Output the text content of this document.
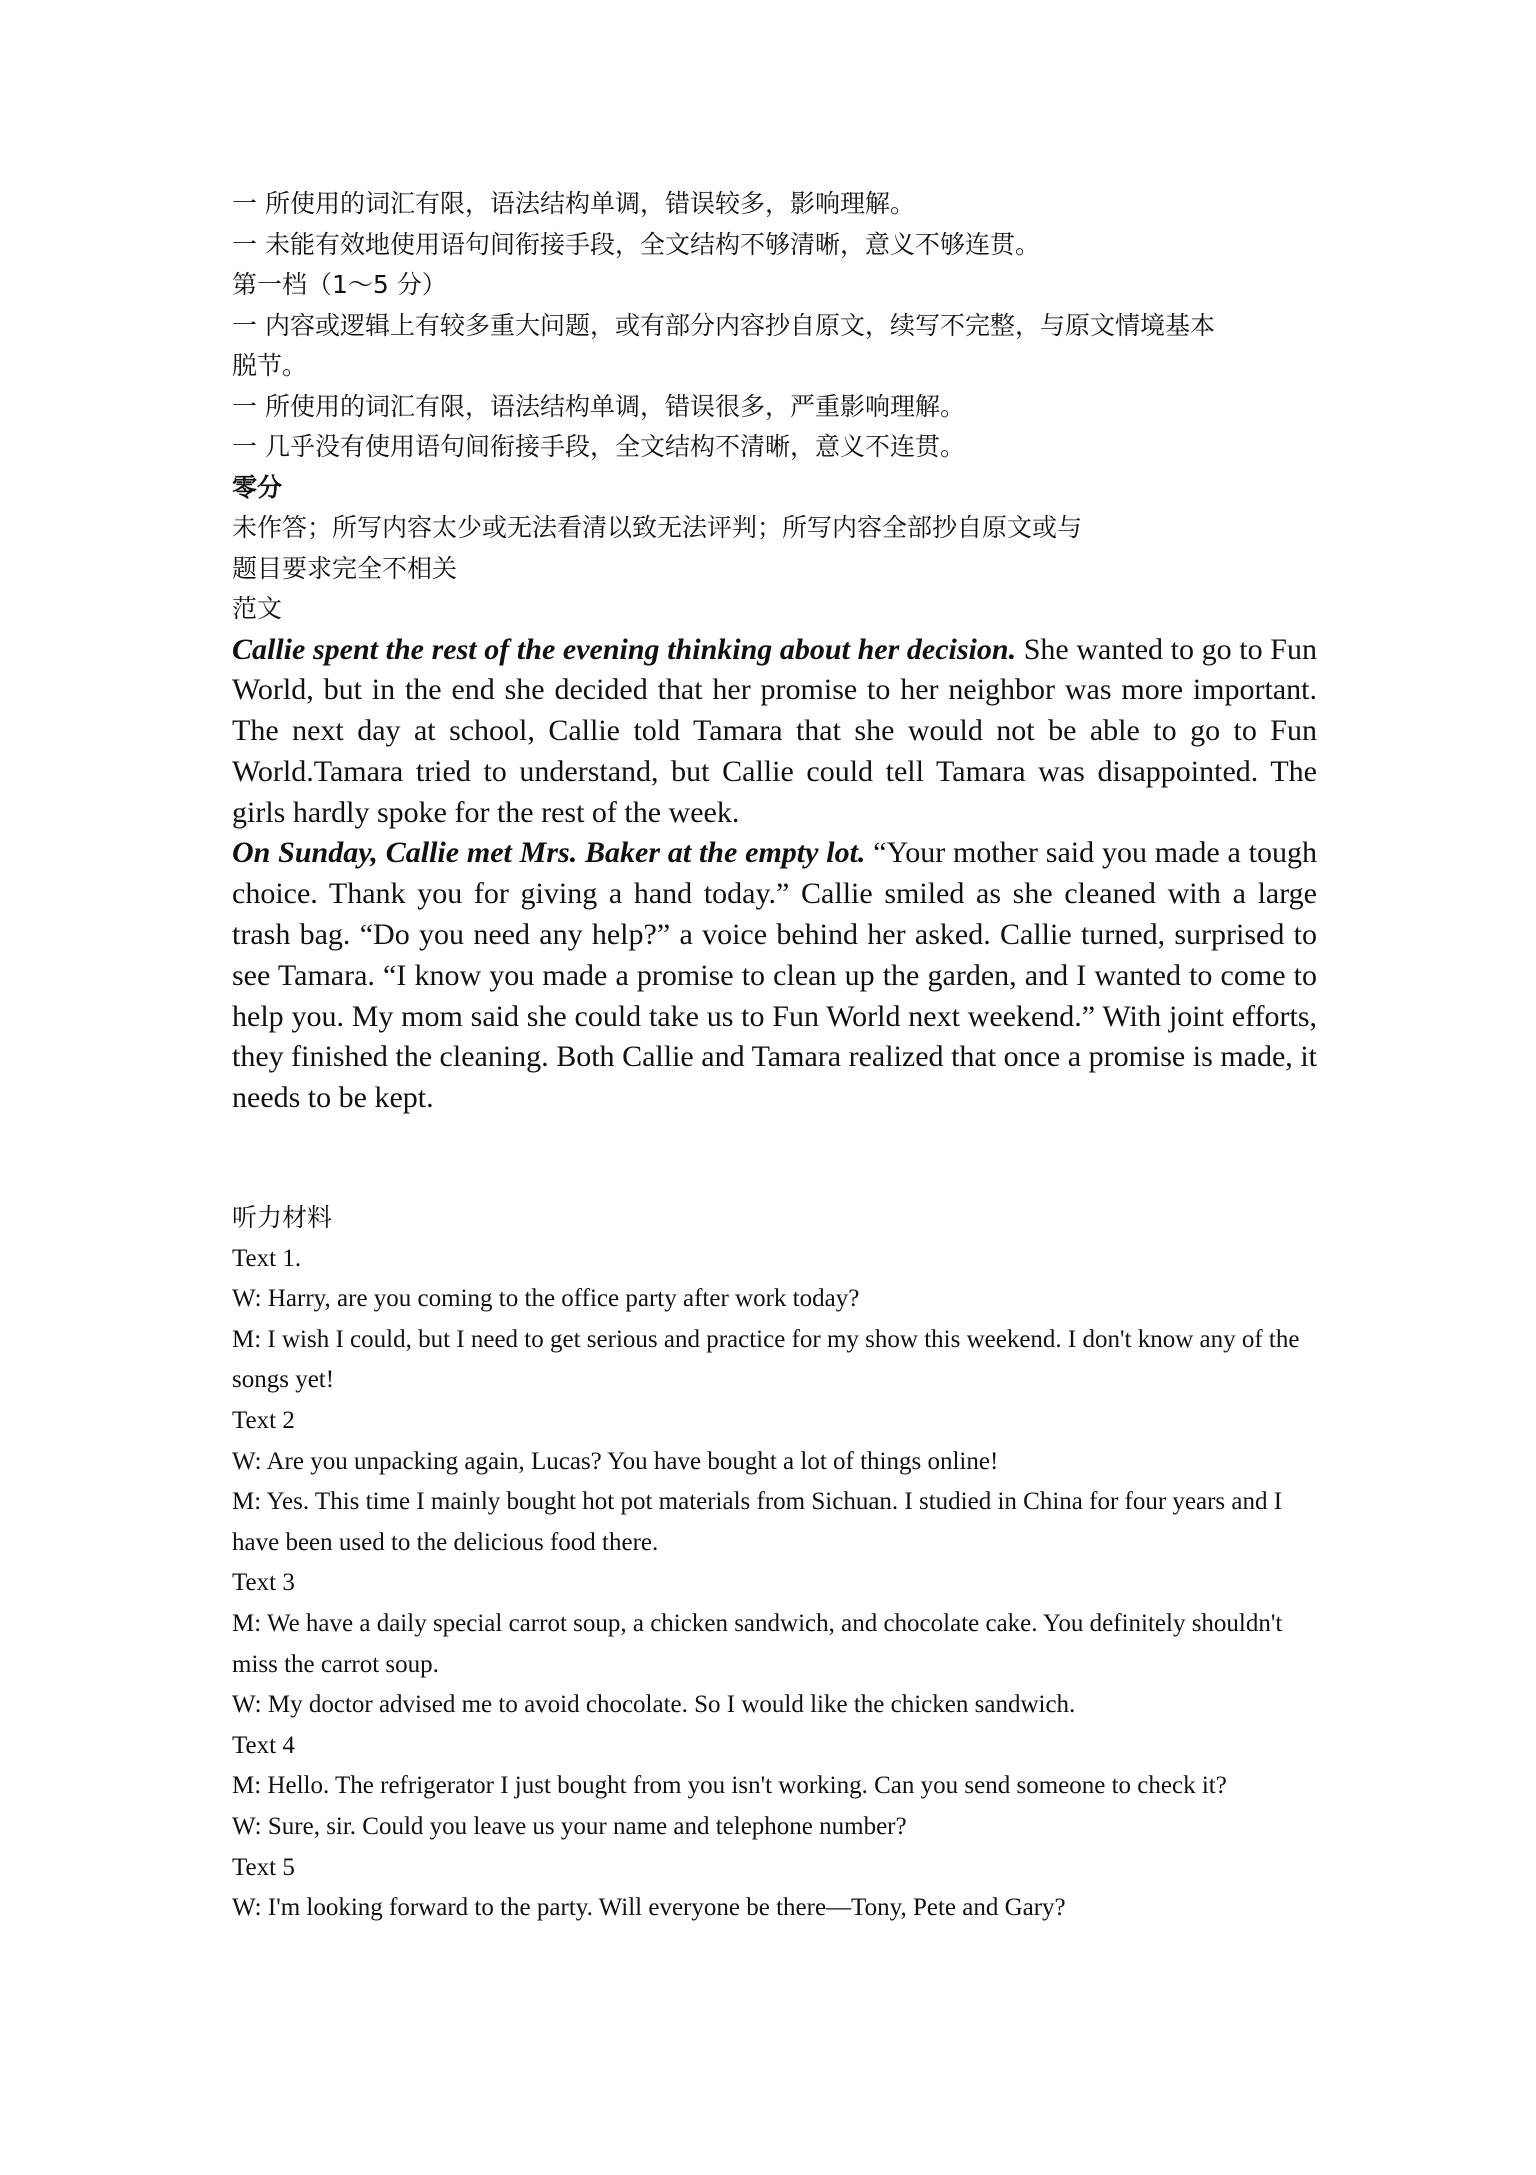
一 所使用的词汇有限，语法结构单调，错误较多，影响理解。

一 未能有效地使用语句间衔接手段，全文结构不够清晰，意义不够连贯。

第一档（1～5 分）

一 内容或逻辑上有较多重大问题，或有部分内容抄自原文，续写不完整，与原文情境基本

脱节。

一 所使用的词汇有限，语法结构单调，错误很多，严重影响理解。

一 几乎没有使用语句间衔接手段，全文结构不清晰，意义不连贯。

零分

未作答；所写内容太少或无法看清以致无法评判；所写内容全部抄自原文或与

题目要求完全不相关

范文

Callie spent the rest of the evening thinking about her decision. She wanted to go to Fun World, but in the end she decided that her promise to her neighbor was more important. The next day at school, Callie told Tamara that she would not be able to go to Fun World.Tamara tried to understand, but Callie could tell Tamara was disappointed. The girls hardly spoke for the rest of the week.

On Sunday, Callie met Mrs. Baker at the empty lot. “Your mother said you made a tough choice. Thank you for giving a hand today.” Callie smiled as she cleaned with a large trash bag. “Do you need any help?” a voice behind her asked. Callie turned, surprised to see Tamara. “I know you made a promise to clean up the garden, and I wanted to come to help you. My mom said she could take us to Fun World next weekend.” With joint efforts, they finished the cleaning. Both Callie and Tamara realized that once a promise is made, it needs to be kept.

听力材料

Text 1.

W: Harry, are you coming to the office party after work today?

M: I wish I could, but I need to get serious and practice for my show this weekend. I don't know any of the songs yet!

Text 2

W: Are you unpacking again, Lucas? You have bought a lot of things online!

M: Yes. This time I mainly bought hot pot materials from Sichuan. I studied in China for four years and I have been used to the delicious food there.

Text 3

M: We have a daily special carrot soup, a chicken sandwich, and chocolate cake. You definitely shouldn't miss the carrot soup.

W: My doctor advised me to avoid chocolate. So I would like the chicken sandwich.

Text 4

M: Hello. The refrigerator I just bought from you isn't working. Can you send someone to check it?

W: Sure, sir. Could you leave us your name and telephone number?

Text 5

W: I'm looking forward to the party. Will everyone be there—Tony, Pete and Gary?
